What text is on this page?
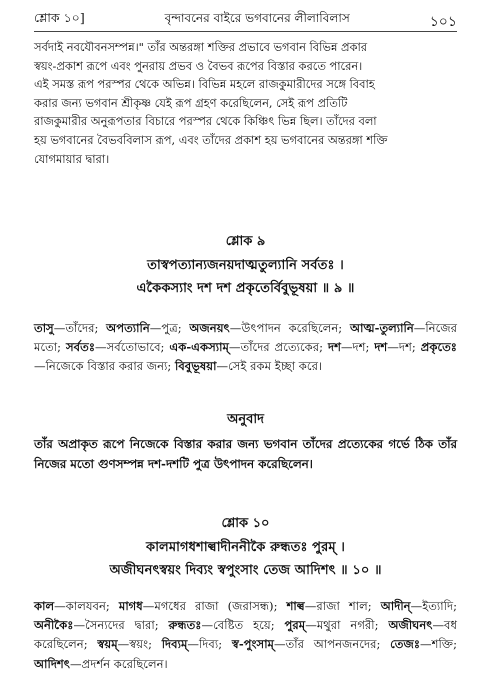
শ্লোক ১০]	বৃন্দাবনের বাইরে ভগবানের লীলাবিলাস	১০১
সর্বদাই নবযৌবনসম্পন্ন।" তাঁর অন্তরঙ্গা শক্তির প্রভাবে ভগবান বিভিন্ন প্রকার
স্বয়ং-প্রকাশ রূপে এবং পুনরায় প্রভব ও বৈভব রূপের বিস্তার করতে পারেন।
এই সমস্ত রূপ পরস্পর থেকে অভিন্ন। বিভিন্ন মহলে রাজকুমারীদের সঙ্গে বিবাহ
করার জন্য ভগবান শ্রীকৃষ্ণ যেই রূপ গ্রহণ করেছিলেন, সেই রূপ প্রতিটি
রাজকুমারীর অনুরূপতার বিচারে পরস্পর থেকে কিঞ্চিৎ ভিন্ন ছিল। তাঁদের বলা
হয় ভগবানের বৈভববিলাস রূপ, এবং তাঁদের প্রকাশ হয় ভগবানের অন্তরঙ্গা শক্তি
যোগমায়ার দ্বারা।
শ্লোক ৯
তাস্বপত্যান্যজনয়দাত্মতুল্যানি সর্বতঃ ।
একৈকস্যাং দশ দশ প্রকৃতের্বিবুভূষয়া ॥ ৯ ॥
তাসু—তাঁদের; অপত্যানি—পুত্র; অজনয়ৎ—উৎপাদন করেছিলেন; আত্ম-তুল্যানি—নিজের মতো; সর্বতঃ—সর্বতোভাবে; এক-একস্যাম্—তাঁদের প্রত্যেকের; দশ—দশ; দশ—দশ; প্রকৃতেঃ—নিজেকে বিস্তার করার জন্য; বিবুভূষয়া—সেই রকম ইচ্ছা করে।
অনুবাদ
তাঁর অপ্রাকৃত রূপে নিজেকে বিস্তার করার জন্য ভগবান তাঁদের প্রত্যেকের গর্ভে ঠিক তাঁর নিজের মতো গুণসম্পন্ন দশ-দশটি পুত্র উৎপাদন করেছিলেন।
শ্লোক ১০
কালমাগধশাল্বাদীননীকৈ রুন্ধতঃ পুরম্ ।
অজীঘনৎস্বয়ং দিব্যং স্বপুংসাং তেজ আদিশৎ ॥ ১০ ॥
কাল—কালযবন; মাগধ—মগধের রাজা (জরাসন্ধ); শাল্ব—রাজা শাল; আদীন্—ইত্যাদি; অনীকৈঃ—সৈন্যদের দ্বারা; রুন্ধতঃ—বেষ্টিত হয়ে; পুরম্—মথুরা নগরী; অজীঘনৎ—বধ করেছিলেন; স্বয়ম্—স্বয়ং; দিব্যম্—দিব্য; স্ব-পুংসাম্—তাঁর আপনজনদের; তেজঃ—শক্তি; আদিশৎ—প্রদর্শন করেছিলেন।
